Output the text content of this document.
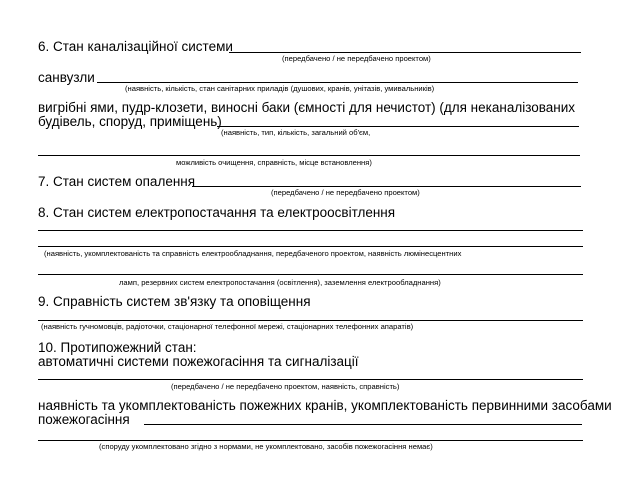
6. Стан каналізаційної системи

(передбачено / не передбачено проектом)

санвузли

(наявність, кількість, стан санітарних приладів (душових, кранів, унітазів, умивальників)

вигрібні ями, пудр-клозети, виносні баки (ємності для нечистот) (для неканалізованих

будівель, споруд, приміщень)

(наявність, тип, кількість, загальний об'єм,

можливість очищення, справність, місце встановлення)

7. Стан систем опалення

(передбачено / не передбачено проектом)

8. Стан систем електропостачання та електроосвітлення

(наявність, укомплектованість та справність електрообладнання, передбаченого проектом, наявність люмінесцентних

ламп, резервних систем електропостачання (освітлення), заземлення електрообладнання)

9. Справність систем зв'язку та оповіщення

(наявність гучномовців, радіоточки, стаціонарної телефонної мережі, стаціонарних телефонних апаратів)

10. Протипожежний стан:

автоматичні системи пожежогасіння та сигналізації

(передбачено / не передбачено проектом, наявність, справність)

наявність та укомплектованість пожежних кранів, укомплектованість первинними засобами

пожежогасіння

(споруду укомплектовано згідно з нормами, не укомплектовано, засобів пожежогасіння немає)
